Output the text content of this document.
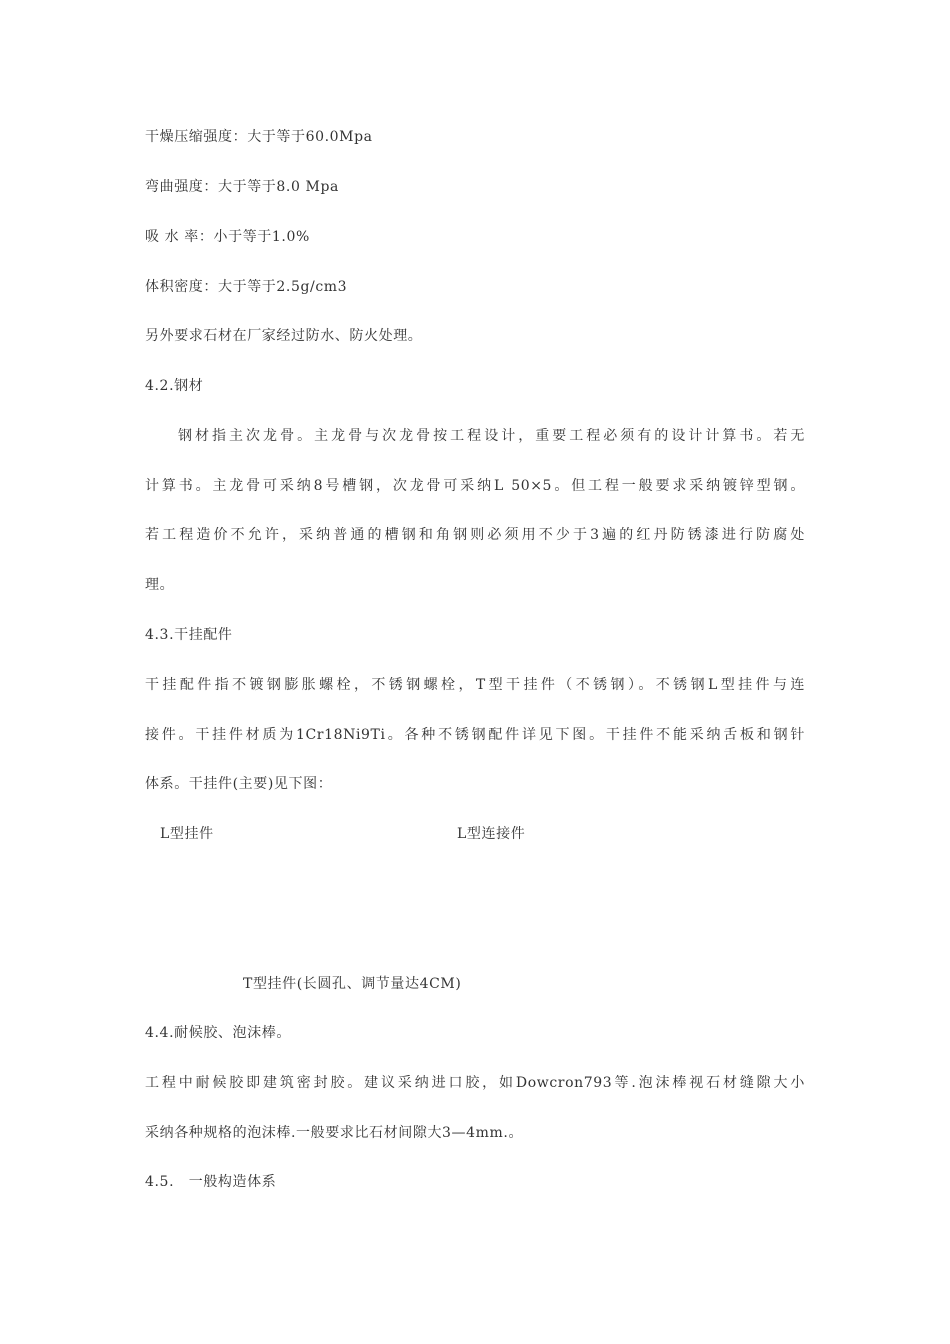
干燥压缩强度：大于等于60.0Mpa

弯曲强度：大于等于8.0 Mpa

吸 水 率：小于等于1.0%

体积密度：大于等于2.5g/cm3

另外要求石材在厂家经过防水、防火处理。

4.2.钢材

钢材指主次龙骨。主龙骨与次龙骨按工程设计，重要工程必须有的设计计算书。若无

计算书。主龙骨可采纳8号槽钢，次龙骨可采纳L 50×5。但工程一般要求采纳镀锌型钢。

若工程造价不允许，采纳普通的槽钢和角钢则必须用不少于3遍的红丹防锈漆进行防腐处

理。

4.3.干挂配件

干挂配件指不镀钢膨胀螺栓，不锈钢螺栓，T型干挂件（不锈钢）。不锈钢L型挂件与连

接件。干挂件材质为1Cr18Ni9Ti。各种不锈钢配件详见下图。干挂件不能采纳舌板和钢针

体系。干挂件(主要)见下图：

L型挂件	L型连接件

T型挂件(长圆孔、调节量达4CM)

4.4.耐候胶、泡沫棒。

工程中耐候胶即建筑密封胶。建议采纳进口胶，如Dowcron793等.泡沫棒视石材缝隙大小

采纳各种规格的泡沫棒.一般要求比石材间隙大3—4mm.。

4.5.　一般构造体系
